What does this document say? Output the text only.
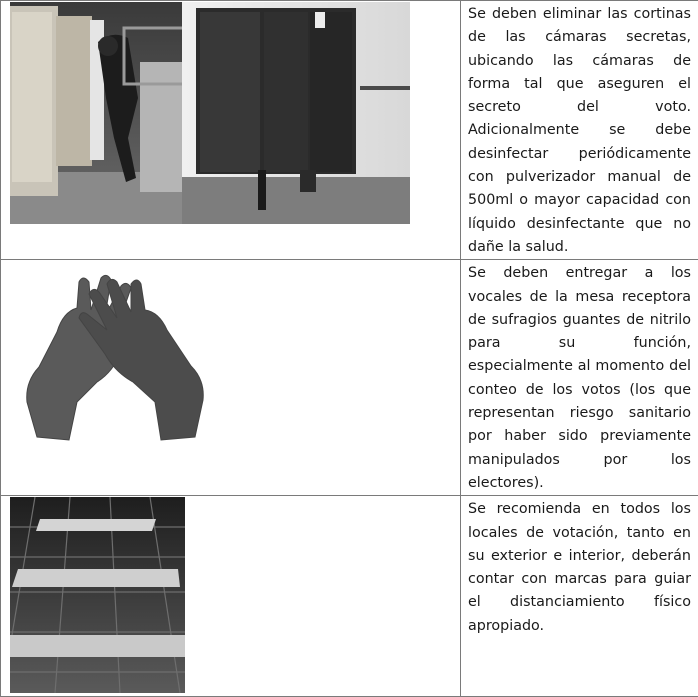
	Se deben eliminar las cortinas de las cámaras secretas, ubicando las cámaras de forma tal que aseguren el secreto del voto. Adicionalmente se debe desinfectar periódicamente con pulverizador manual de 500ml o mayor capacidad con líquido desinfectante que no dañe la salud.

	Se deben entregar a los vocales de la mesa receptora de sufragios guantes de nitrilo para su función, especialmente al momento del conteo de los votos (los que representan riesgo sanitario por haber sido previamente manipulados por los electores).

	Se recomienda en todos los locales de votación, tanto en su exterior e interior, deberán contar con marcas para guiar el distanciamiento físico apropiado.
